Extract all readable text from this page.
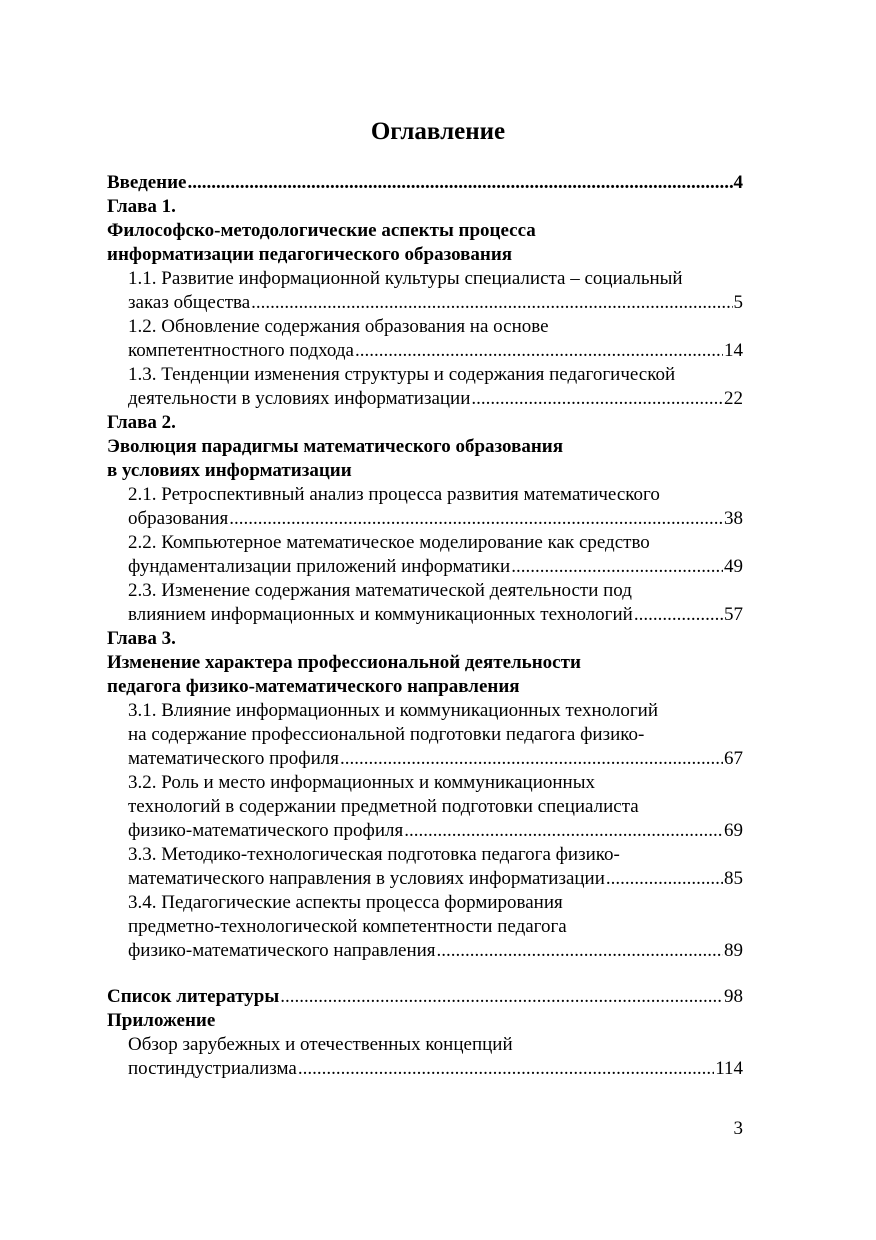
Оглавление
Введение .....	4
Глава 1.
Философско-методологические аспекты процесса
информатизации педагогического образования
1.1. Развитие информационной культуры специалиста – социальный
заказ общества .....	5
1.2. Обновление содержания образования на основе
компетентностного подхода .....	14
1.3. Тенденции изменения структуры и содержания педагогической
деятельности в условиях информатизации .....	22
Глава 2.
Эволюция парадигмы математического образования
в условиях информатизации
2.1. Ретроспективный анализ процесса развития математического
образования .....	38
2.2. Компьютерное математическое моделирование как средство
фундаментализации приложений информатики .....	49
2.3. Изменение содержания математической деятельности под
влиянием информационных и коммуникационных технологий .....	57
Глава 3.
Изменение характера профессиональной деятельности
педагога физико-математического направления
3.1. Влияние информационных и коммуникационных технологий
на содержание профессиональной подготовки педагога физико-
математического профиля .....	67
3.2. Роль и место информационных и коммуникационных
технологий в содержании предметной подготовки специалиста
физико-математического профиля .....	69
3.3. Методико-технологическая подготовка педагога физико-
математического направления в условиях информатизации .....	85
3.4. Педагогические аспекты процесса формирования
предметно-технологической компетентности педагога
физико-математического направления .....	89
Список литературы .....	98
Приложение
Обзор зарубежных и отечественных концепций
постиндустриализма .....	114
3
